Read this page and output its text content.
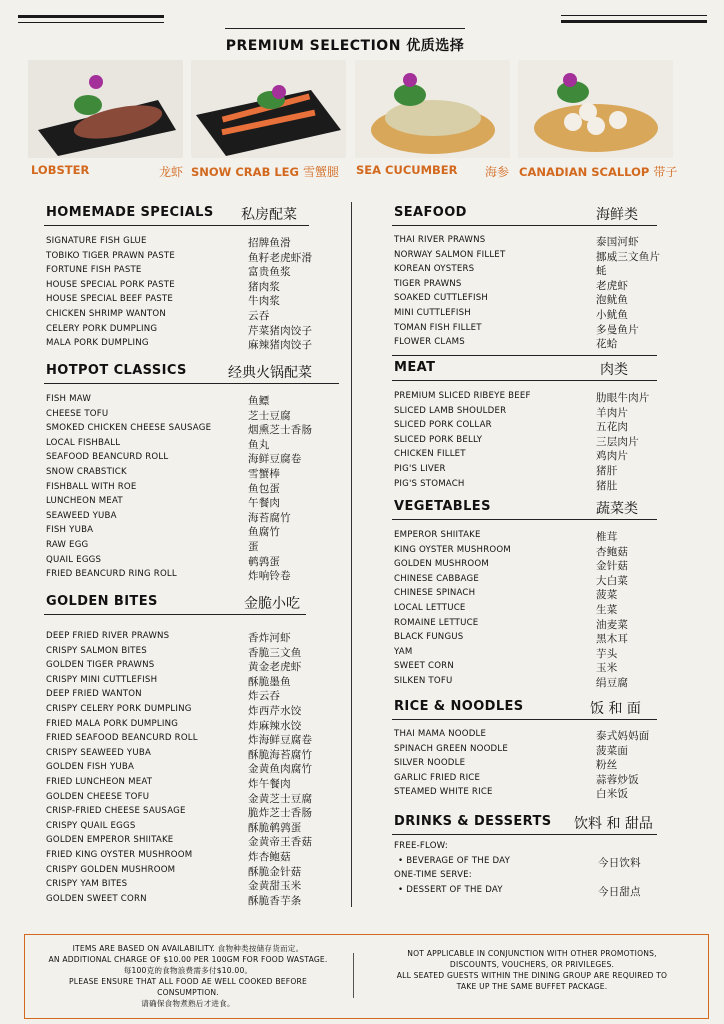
PREMIUM SELECTION 优质选择
LOBSTER	龙虾 SNOW CRAB LEG 雪蟹腿 SEA CUCUMBER 海参 CANADIAN SCALLOP 带子
HOMEMADE SPECIALS 私房配菜
SIGNATURE FISH GLUE	招牌鱼滑
TOBIKO TIGER PRAWN PASTE	鱼籽老虎虾滑
FORTUNE FISH PASTE	富贵鱼浆
HOUSE SPECIAL PORK PASTE	猪肉浆
HOUSE SPECIAL BEEF PASTE	牛肉浆
CHICKEN SHRIMP WANTON	云吞
CELERY PORK DUMPLING	芹菜猪肉饺子
MALA PORK DUMPLING	麻辣猪肉饺子
HOTPOT CLASSICS	经典火锅配菜
FISH MAW	鱼鳔
CHEESE TOFU	芝士豆腐
SMOKED CHICKEN CHEESE SAUSAGE	烟熏芝士香肠
LOCAL FISHBALL	鱼丸
SEAFOOD BEANCURD ROLL	海鲜豆腐卷
SNOW CRABSTICK	雪蟹棒
FISHBALL WITH ROE	鱼包蛋
LUNCHEON MEAT	午餐肉
SEAWEED YUBA	海苔腐竹
FISH YUBA	鱼腐竹
RAW EGG	蛋
QUAIL EGGS	鹌鹑蛋
FRIED BEANCURD RING ROLL	炸响铃卷
GOLDEN BITES	金脆小吃
DEEP FRIED RIVER PRAWNS	香炸河虾
CRISPY SALMON BITES	香脆三文鱼
GOLDEN TIGER PRAWNS	黄金老虎虾
CRISPY MINI CUTTLEFISH	酥脆墨鱼
DEEP FRIED WANTON	炸云吞
CRISPY CELERY PORK DUMPLING	炸西芹水饺
FRIED MALA PORK DUMPLING	炸麻辣水饺
FRIED SEAFOOD BEANCURD ROLL	炸海鲜豆腐卷
CRISPY SEAWEED YUBA	酥脆海苔腐竹
GOLDEN FISH YUBA	金黄鱼肉腐竹
FRIED LUNCHEON MEAT	炸午餐肉
GOLDEN CHEESE TOFU	金黄芝士豆腐
CRISP-FRIED CHEESE SAUSAGE	脆炸芝士香肠
CRISPY QUAIL EGGS	酥脆鹌鹑蛋
GOLDEN EMPEROR SHIITAKE	金黄帝王香菇
FRIED KING OYSTER MUSHROOM	炸杏鲍菇
CRISPY GOLDEN MUSHROOM	酥脆金针菇
CRISPY YAM BITES	金黄甜玉米
GOLDEN SWEET CORN	酥脆香芋条
SEAFOOD	海鲜类
THAI RIVER PRAWNS	泰国河虾
NORWAY SALMON FILLET	挪威三文鱼片
KOREAN OYSTERS	蚝
TIGER PRAWNS	老虎虾
SOAKED CUTTLEFISH	泡鱿鱼
MINI CUTTLEFISH	小鱿鱼
TOMAN FISH FILLET	多曼鱼片
FLOWER CLAMS	花蛤
MEAT	肉类
PREMIUM SLICED RIBEYE BEEF	肋眼牛肉片
SLICED LAMB SHOULDER	羊肉片
SLICED PORK COLLAR	五花肉
SLICED PORK BELLY	三层肉片
CHICKEN FILLET	鸡肉片
PIG'S LIVER	猪肝
PIG'S STOMACH	猪肚
VEGETABLES	蔬菜类
EMPEROR SHIITAKE	椎茸
KING OYSTER MUSHROOM	杏鲍菇
GOLDEN MUSHROOM	金针菇
CHINESE CABBAGE	大白菜
CHINESE SPINACH	菠菜
LOCAL LETTUCE	生菜
ROMAINE LETTUCE	油麦菜
BLACK FUNGUS	黑木耳
YAM	芋头
SWEET CORN	玉米
SILKEN TOFU	绢豆腐
RICE & NOODLES	饭 和 面
THAI MAMA NOODLE	泰式妈妈面
SPINACH GREEN NOODLE	菠菜面
SILVER NOODLE	粉丝
GARLIC FRIED RICE	蒜蓉炒饭
STEAMED WHITE RICE	白米饭
DRINKS & DESSERTS 饮料 和 甜品
FREE-FLOW:
• BEVERAGE OF THE DAY	今日饮料
ONE-TIME SERVE:
• DESSERT OF THE DAY	今日甜点
ITEMS ARE BASED ON AVAILABILITY. 食物种类按储存货而定。
AN ADDITIONAL CHARGE OF $10.00 PER 100GM FOR FOOD WASTAGE.
每100克的食物浪费需多付$10.00。
PLEASE ENSURE THAT ALL FOOD AE WELL COOKED BEFORE
CONSUMPTION.
请确保食物煮熟后才进食。
NOT APPLICABLE IN CONJUNCTION WITH OTHER PROMOTIONS,
DISCOUNTS, VOUCHERS, OR PRIVILEGES.
ALL SEATED GUESTS WITHIN THE DINING GROUP ARE REQUIRED TO
TAKE UP THE SAME BUFFET PACKAGE.
